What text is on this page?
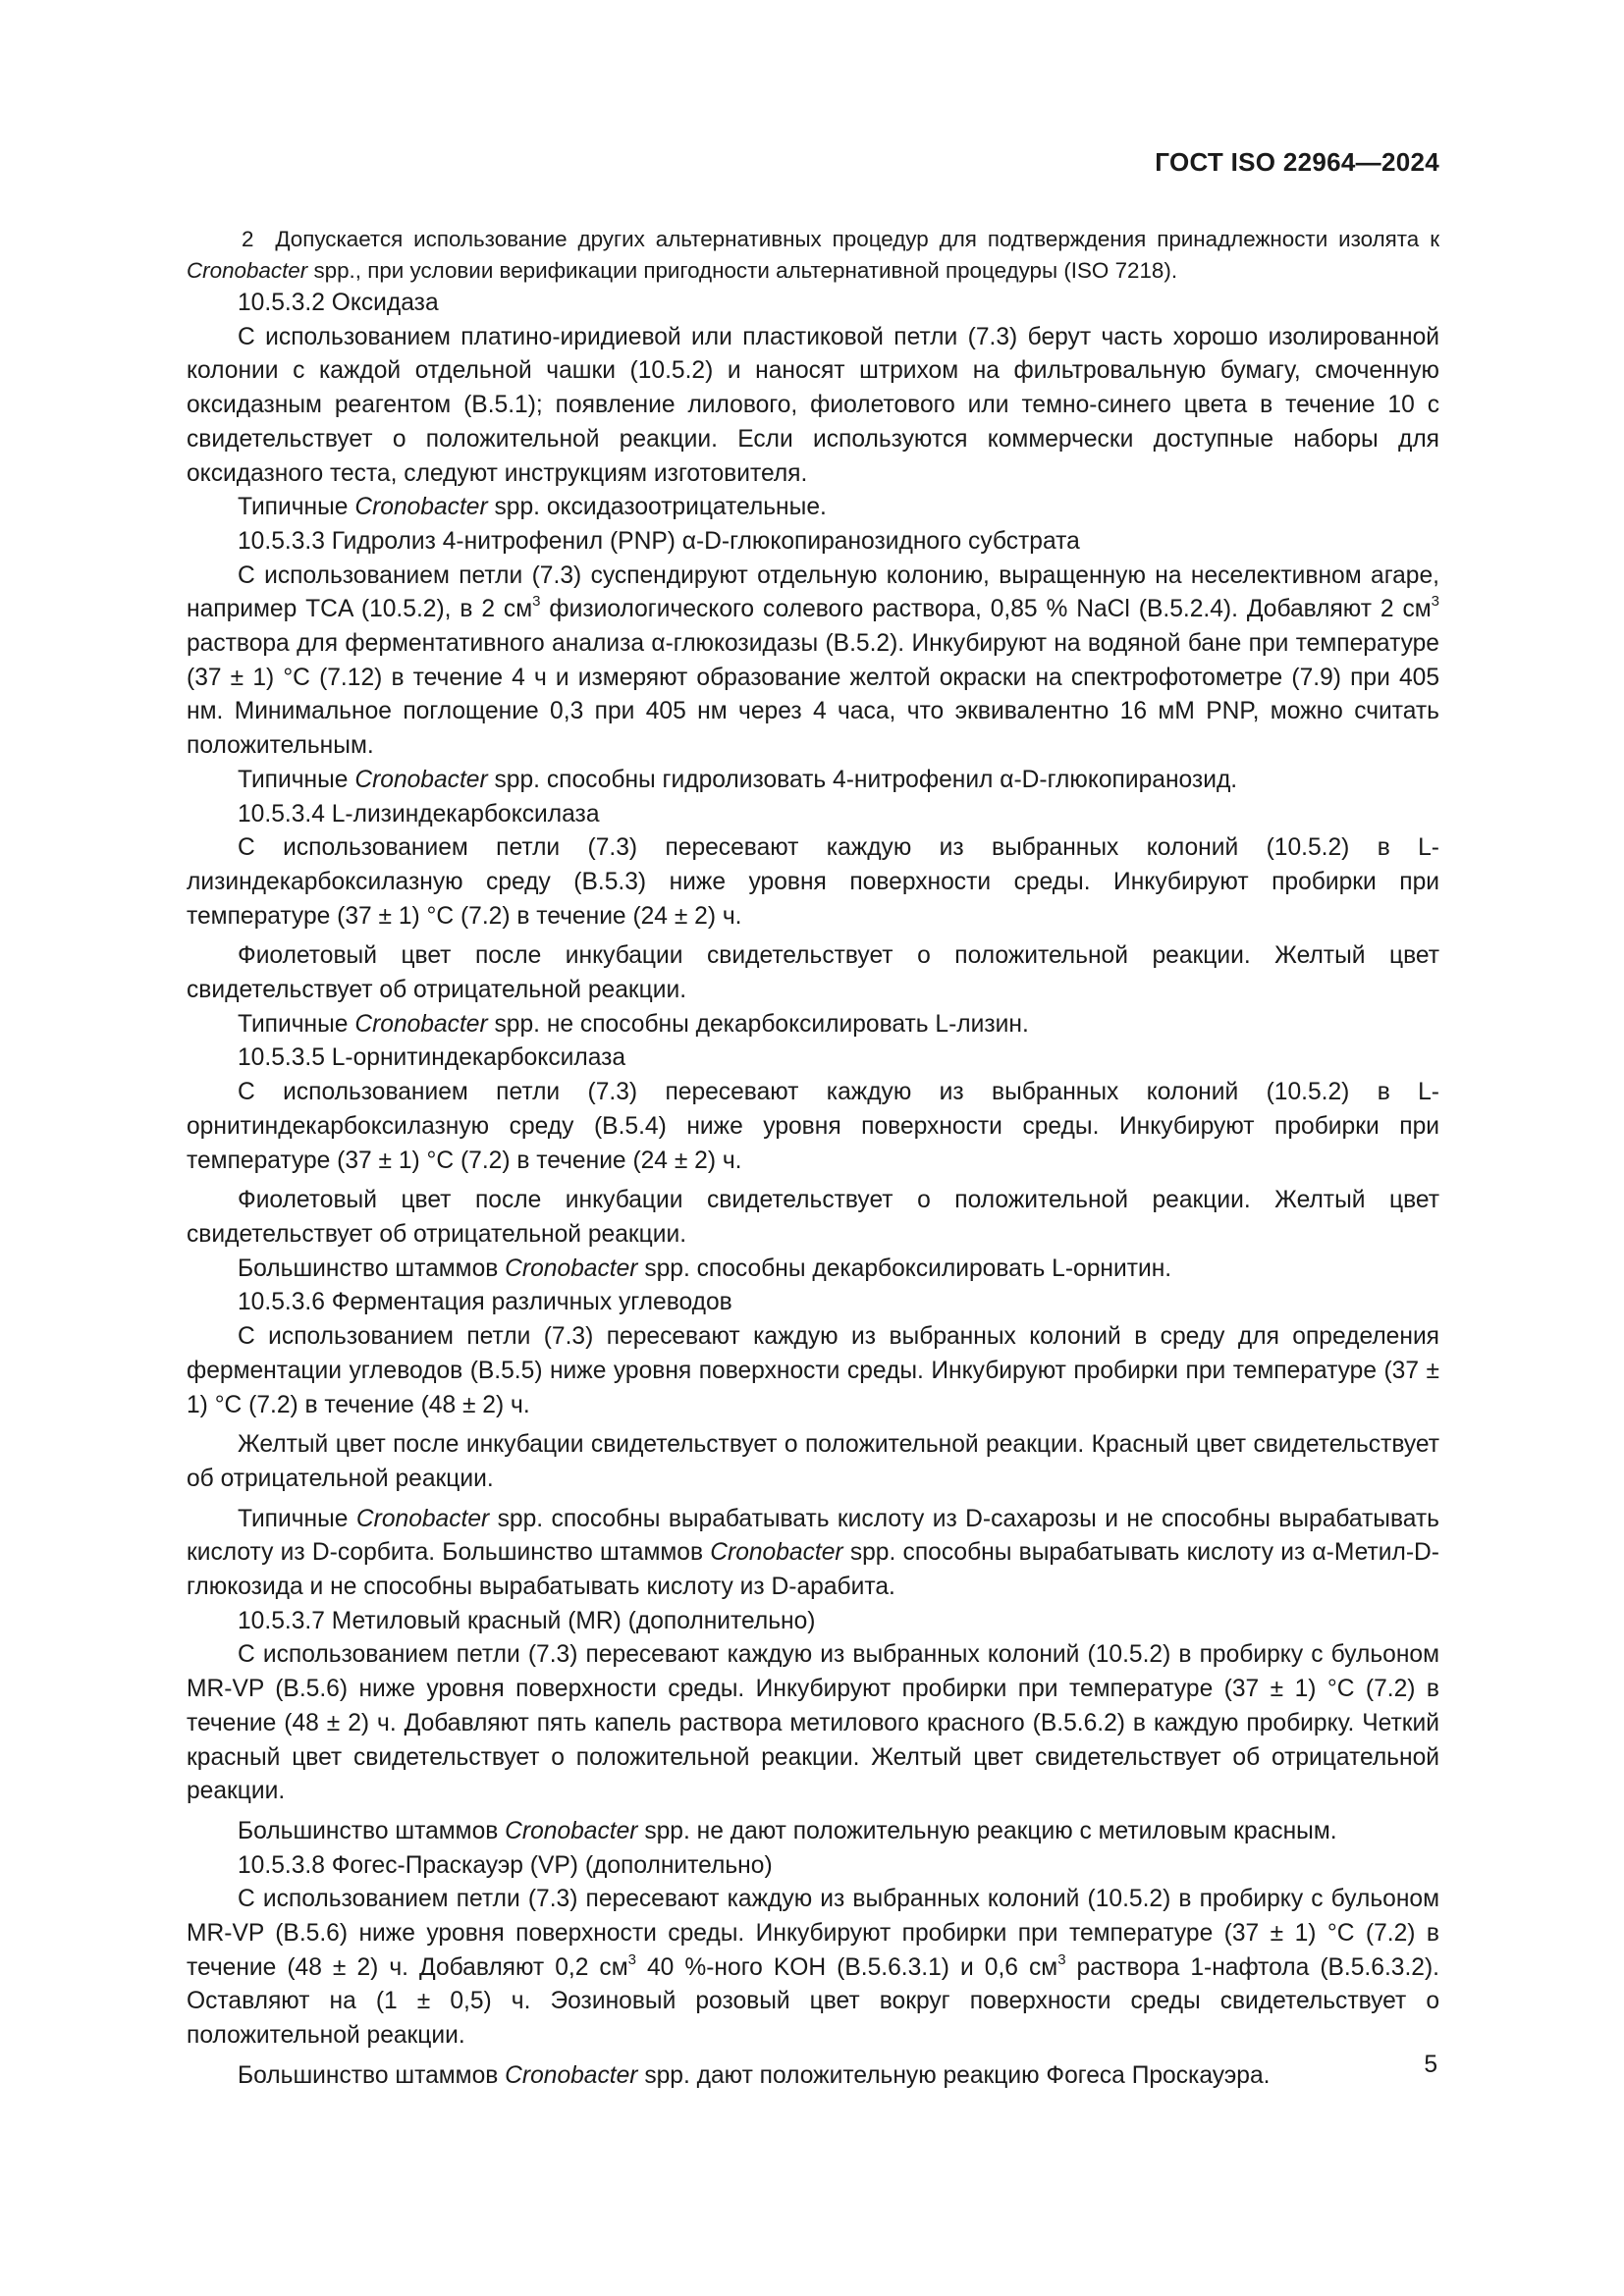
ГОСТ ISO 22964—2024

2 Допускается использование других альтернативных процедур для подтверждения принадлежности изолята к Cronobacter spp., при условии верификации пригодности альтернативной процедуры (ISO 7218).

10.5.3.2 Оксидаза

С использованием платино-иридиевой или пластиковой петли (7.3) берут часть хорошо изолированной колонии с каждой отдельной чашки (10.5.2) и наносят штрихом на фильтровальную бумагу, смоченную оксидазным реагентом (B.5.1); появление лилового, фиолетового или темно-синего цвета в течение 10 с свидетельствует о положительной реакции. Если используются коммерчески доступные наборы для оксидазного теста, следуют инструкциям изготовителя.

Типичные Cronobacter spp. оксидазоотрицательные.

10.5.3.3 Гидролиз 4-нитрофенил (PNP) α-D-глюкопиранозидного субстрата

С использованием петли (7.3) суспендируют отдельную колонию, выращенную на неселективном агаре, например TCA (10.5.2), в 2 $см^3$ физиологического солевого раствора, 0,85 % NaCl (B.5.2.4). Добавляют 2 $см^3$ раствора для ферментативного анализа α-глюкозидазы (B.5.2). Инкубируют на водяной бане при температуре (37 ± 1) °C (7.12) в течение 4 ч и измеряют образование желтой окраски на спектрофотометре (7.9) при 405 нм. Минимальное поглощение 0,3 при 405 нм через 4 часа, что эквивалентно 16 мМ PNP, можно считать положительным.

Типичные Cronobacter spp. способны гидролизовать 4-нитрофенил α-D-глюкопиранозид.

10.5.3.4 L-лизиндекарбоксилаза

С использованием петли (7.3) пересевают каждую из выбранных колоний (10.5.2) в L-лизиндекарбоксилазную среду (B.5.3) ниже уровня поверхности среды. Инкубируют пробирки при температуре (37 ± 1) °C (7.2) в течение (24 ± 2) ч.

Фиолетовый цвет после инкубации свидетельствует о положительной реакции. Желтый цвет свидетельствует об отрицательной реакции.

Типичные Cronobacter spp. не способны декарбоксилировать L-лизин.

10.5.3.5 L-орнитиндекарбоксилаза

С использованием петли (7.3) пересевают каждую из выбранных колоний (10.5.2) в L-орнитиндекарбоксилазную среду (B.5.4) ниже уровня поверхности среды. Инкубируют пробирки при температуре (37 ± 1) °C (7.2) в течение (24 ± 2) ч.

Фиолетовый цвет после инкубации свидетельствует о положительной реакции. Желтый цвет свидетельствует об отрицательной реакции.

Большинство штаммов Cronobacter spp. способны декарбоксилировать L-орнитин.

10.5.3.6 Ферментация различных углеводов

С использованием петли (7.3) пересевают каждую из выбранных колоний в среду для определения ферментации углеводов (B.5.5) ниже уровня поверхности среды. Инкубируют пробирки при температуре (37 ± 1) °C (7.2) в течение (48 ± 2) ч.

Желтый цвет после инкубации свидетельствует о положительной реакции. Красный цвет свидетельствует об отрицательной реакции.

Типичные Cronobacter spp. способны вырабатывать кислоту из D-сахарозы и не способны вырабатывать кислоту из D-сорбита. Большинство штаммов Cronobacter spp. способны вырабатывать кислоту из α-Метил-D-глюкозида и не способны вырабатывать кислоту из D-арабита.

10.5.3.7 Метиловый красный (MR) (дополнительно)

С использованием петли (7.3) пересевают каждую из выбранных колоний (10.5.2) в пробирку с бульоном MR-VP (B.5.6) ниже уровня поверхности среды. Инкубируют пробирки при температуре (37 ± 1) °C (7.2) в течение (48 ± 2) ч. Добавляют пять капель раствора метилового красного (B.5.6.2) в каждую пробирку. Четкий красный цвет свидетельствует о положительной реакции. Желтый цвет свидетельствует об отрицательной реакции.

Большинство штаммов Cronobacter spp. не дают положительную реакцию с метиловым красным.

10.5.3.8 Фогес-Праскауэр (VP) (дополнительно)

С использованием петли (7.3) пересевают каждую из выбранных колоний (10.5.2) в пробирку с бульоном MR-VP (B.5.6) ниже уровня поверхности среды. Инкубируют пробирки при температуре (37 ± 1) °C (7.2) в течение (48 ± 2) ч. Добавляют 0,2 $см^3$ 40 %-ного KOH (B.5.6.3.1) и 0,6 $см^3$ раствора 1-нафтола (B.5.6.3.2). Оставляют на (1 ± 0,5) ч. Эозиновый розовый цвет вокруг поверхности среды свидетельствует о положительной реакции.

Большинство штаммов Cronobacter spp. дают положительную реакцию Фогеса Проскауэра.	5
